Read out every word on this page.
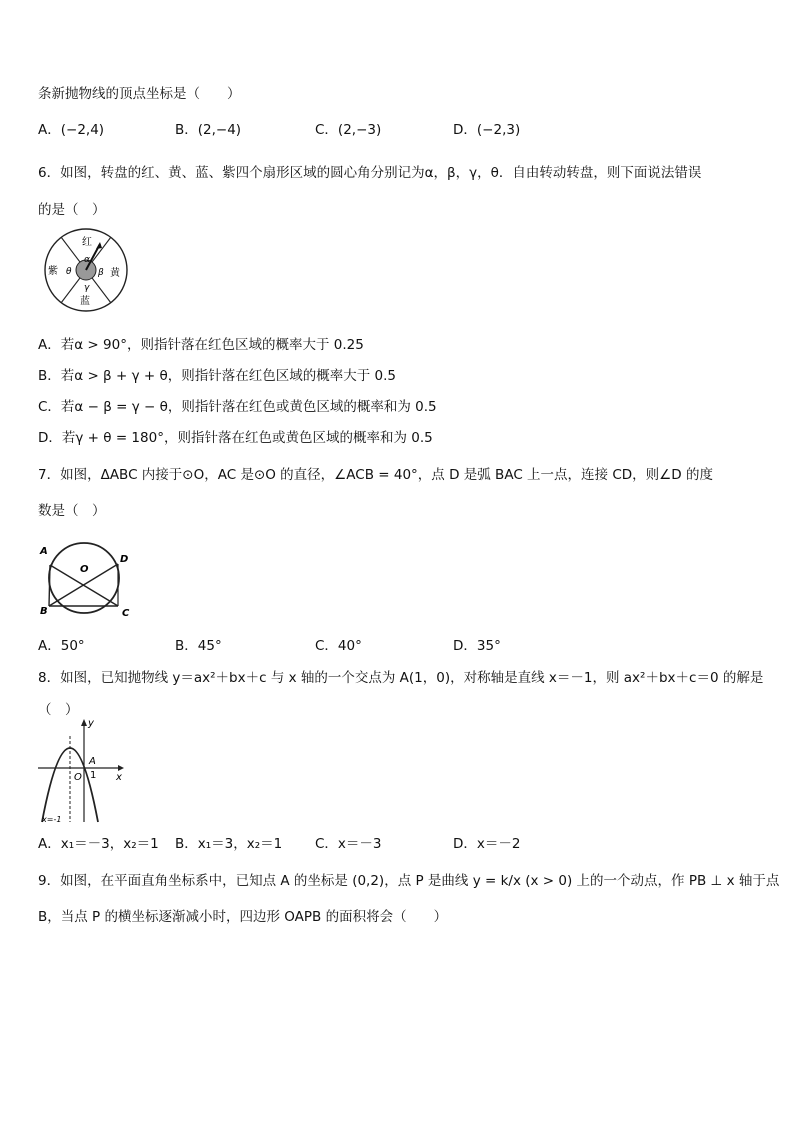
条新抛物线的顶点坐标是（　　）
A．(−2,4)	B．(2,−4)	C．(2,−3)	D．(−2,3)
6．如图，转盘的红、黄、蓝、紫四个扇形区域的圆心角分别记为α，β，γ，θ．自由转动转盘，则下面说法错误
的是（　）
红
黄
蓝
紫
α
β
γ
θ
A．若α > 90°，则指针落在红色区域的概率大于 0.25
B．若α > β + γ + θ，则指针落在红色区域的概率大于 0.5
C．若α − β = γ − θ，则指针落在红色或黄色区域的概率和为 0.5
D．若γ + θ = 180°，则指针落在红色或黄色区域的概率和为 0.5
7．如图，ΔABC 内接于⊙O，AC 是⊙O 的直径，∠ACB = 40°，点 D 是弧 BAC 上一点，连接 CD，则∠D 的度
数是（　）
A
B	C
D
O
A．50°	B．45°	C．40°	D．35°
8．如图，已知抛物线 y＝ax²＋bx＋c 与 x 轴的一个交点为 A(1，0)，对称轴是直线 x＝－1，则 ax²＋bx＋c＝0 的解是
（　）
y
x
O
A
1
x=-1
A．x₁＝－3，x₂＝1 B．x₁＝3，x₂＝1 C．x＝－3	D．x＝－2
9．如图，在平面直角坐标系中，已知点 A 的坐标是 (0,2)，点 P 是曲线 y = k/x (x > 0) 上的一个动点，作 PB ⊥ x 轴于点
B，当点 P 的横坐标逐渐减小时，四边形 OAPB 的面积将会（　　）
